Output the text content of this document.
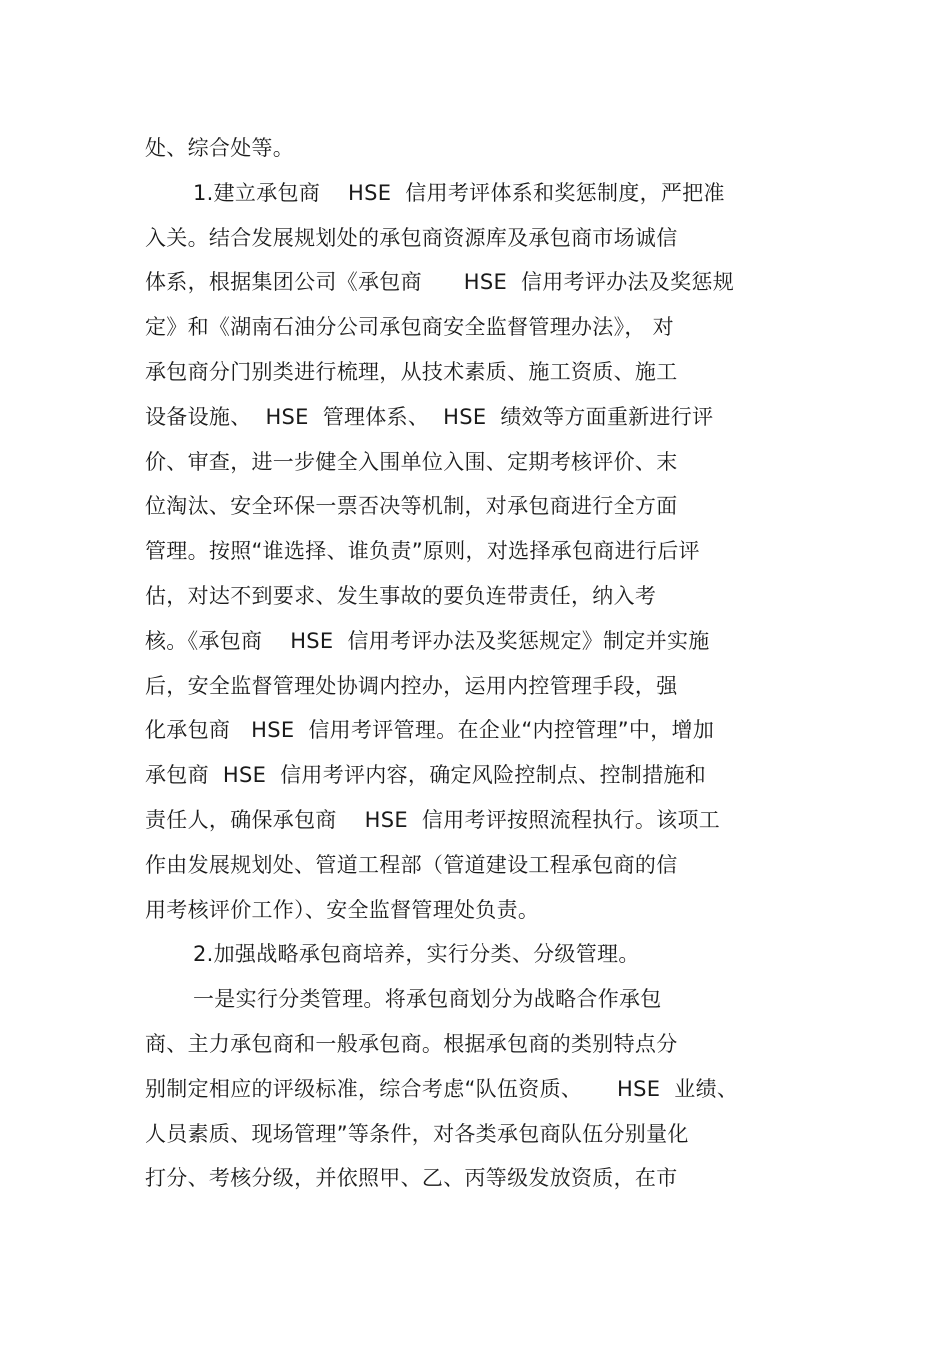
处、综合处等。
1.建立承包商    HSE  信用考评体系和奖惩制度，严把准
入关。结合发展规划处的承包商资源库及承包商市场诚信
体系，根据集团公司《承包商      HSE  信用考评办法及奖惩规
定》和《湖南石油分公司承包商安全监督管理办法》， 对
承包商分门别类进行梳理，从技术素质、施工资质、施工
设备设施、  HSE  管理体系、  HSE  绩效等方面重新进行评
价、审查，进一步健全入围单位入围、定期考核评价、末
位淘汰、安全环保一票否决等机制，对承包商进行全方面
管理。按照“谁选择、谁负责”原则，对选择承包商进行后评
估，对达不到要求、发生事故的要负连带责任，纳入考
核。《承包商    HSE  信用考评办法及奖惩规定》制定并实施
后，安全监督管理处协调内控办，运用内控管理手段，强
化承包商   HSE  信用考评管理。在企业“内控管理”中，增加
承包商  HSE  信用考评内容，确定风险控制点、控制措施和
责任人，确保承包商    HSE  信用考评按照流程执行。该项工
作由发展规划处、管道工程部（管道建设工程承包商的信
用考核评价工作）、安全监督管理处负责。
2.加强战略承包商培养，实行分类、分级管理。
一是实行分类管理。将承包商划分为战略合作承包
商、主力承包商和一般承包商。根据承包商的类别特点分
别制定相应的评级标准，综合考虑“队伍资质、     HSE  业绩、
人员素质、现场管理”等条件，对各类承包商队伍分别量化
打分、考核分级，并依照甲、乙、丙等级发放资质，在市
